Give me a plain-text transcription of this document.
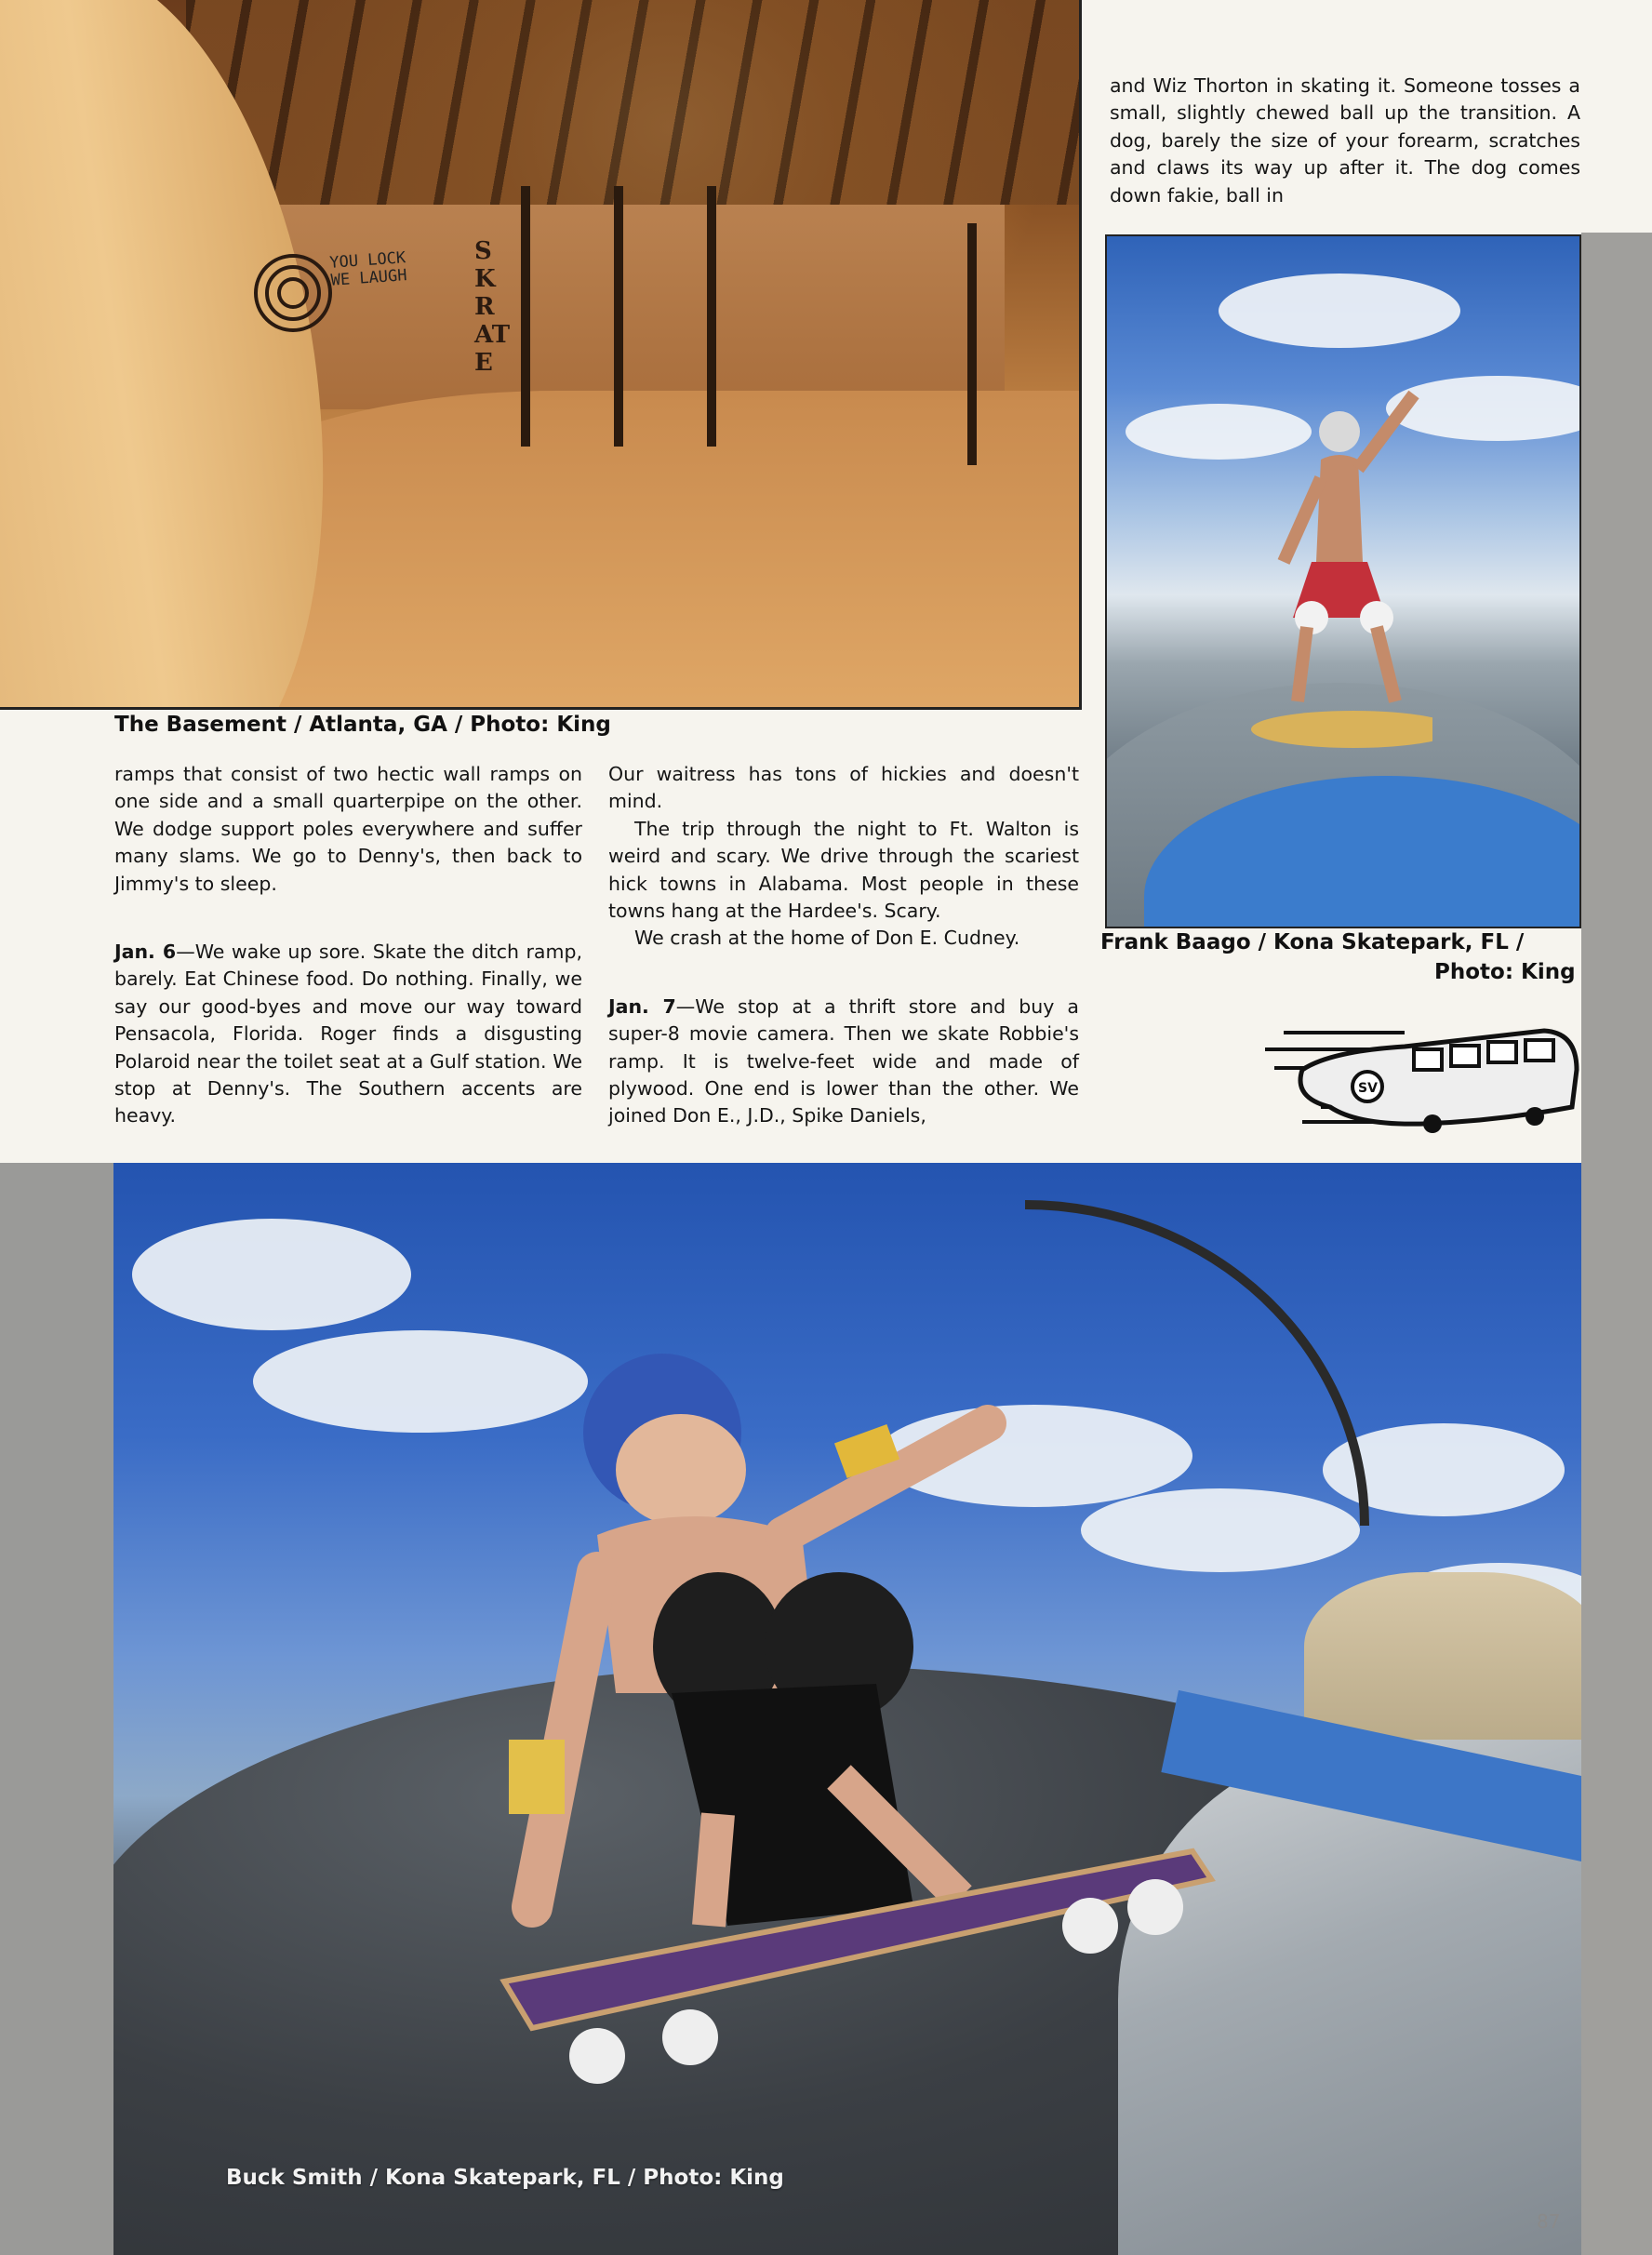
YOU LOCK WE LAUGH
SKRATE
The Basement / Atlanta, GA / Photo: King

and Wiz Thorton in skating it. Someone tosses a small, slightly chewed ball up the transition. A dog, barely the size of your forearm, scratches and claws its way up after it. The dog comes down fakie, ball in

Frank Baago / Kona Skatepark, FL /
Photo: King
SV

ramps that consist of two hectic wall ramps on one side and a small quarterpipe on the other. We dodge support poles everywhere and suffer many slams. We go to Denny's, then back to Jimmy's to sleep.

Jan. 6—We wake up sore. Skate the ditch ramp, barely. Eat Chinese food. Do nothing. Finally, we say our good-byes and move our way toward Pensacola, Florida. Roger finds a disgusting Polaroid near the toilet seat at a Gulf station. We stop at Denny's. The Southern accents are heavy.

Our waitress has tons of hickies and doesn't mind.

The trip through the night to Ft. Walton is weird and scary. We drive through the scariest hick towns in Alabama. Most people in these towns hang at the Hardee's. Scary.

We crash at the home of Don E. Cudney.

Jan. 7—We stop at a thrift store and buy a super-8 movie camera. Then we skate Robbie's ramp. It is twelve-feet wide and made of plywood. One end is lower than the other. We joined Don E., J.D., Spike Daniels,

Buck Smith / Kona Skatepark, FL / Photo: King
87
